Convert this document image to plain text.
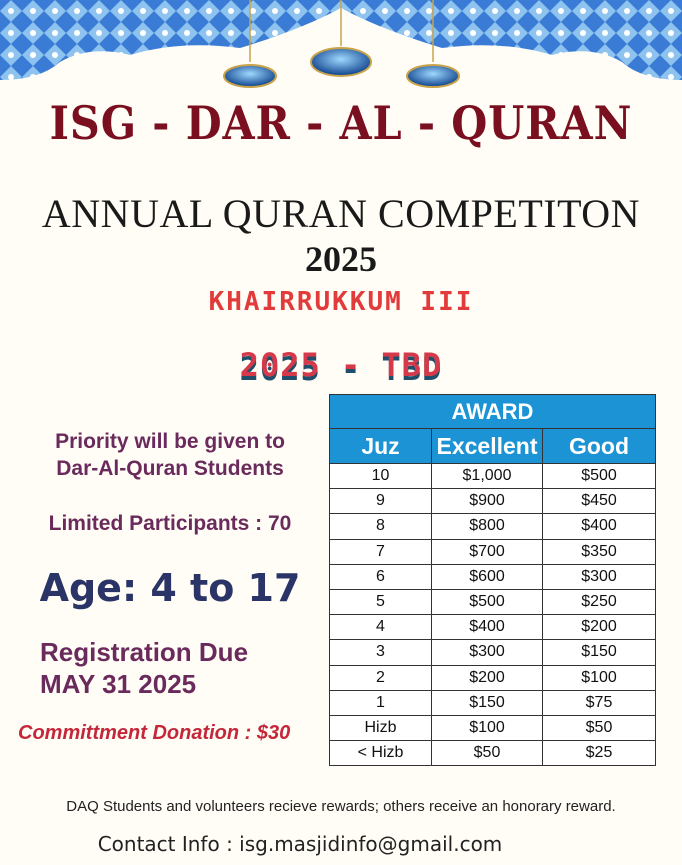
ISG - DAR - AL - QURAN
ANNUAL QURAN COMPETITON
2025
KHAIRRUKKUM III
2025 - TBD
Priority will be given to
Dar-Al-Quran Students
Limited Participants : 70
Age: 4 to 17
Registration Due
MAY 31 2025
Committment Donation : $30
AWARD		
Juz	Excellent	Good
10	$1,000	$500
9	$900	$450
8	$800	$400
7	$700	$350
6	$600	$300
5	$500	$250
4	$400	$200
3	$300	$150
2	$200	$100
1	$150	$75
Hizb	$100	$50
< Hizb	$50	$25
DAQ Students and volunteers recieve rewards; others receive an honorary reward.
Contact Info : isg.masjidinfo@gmail.com
